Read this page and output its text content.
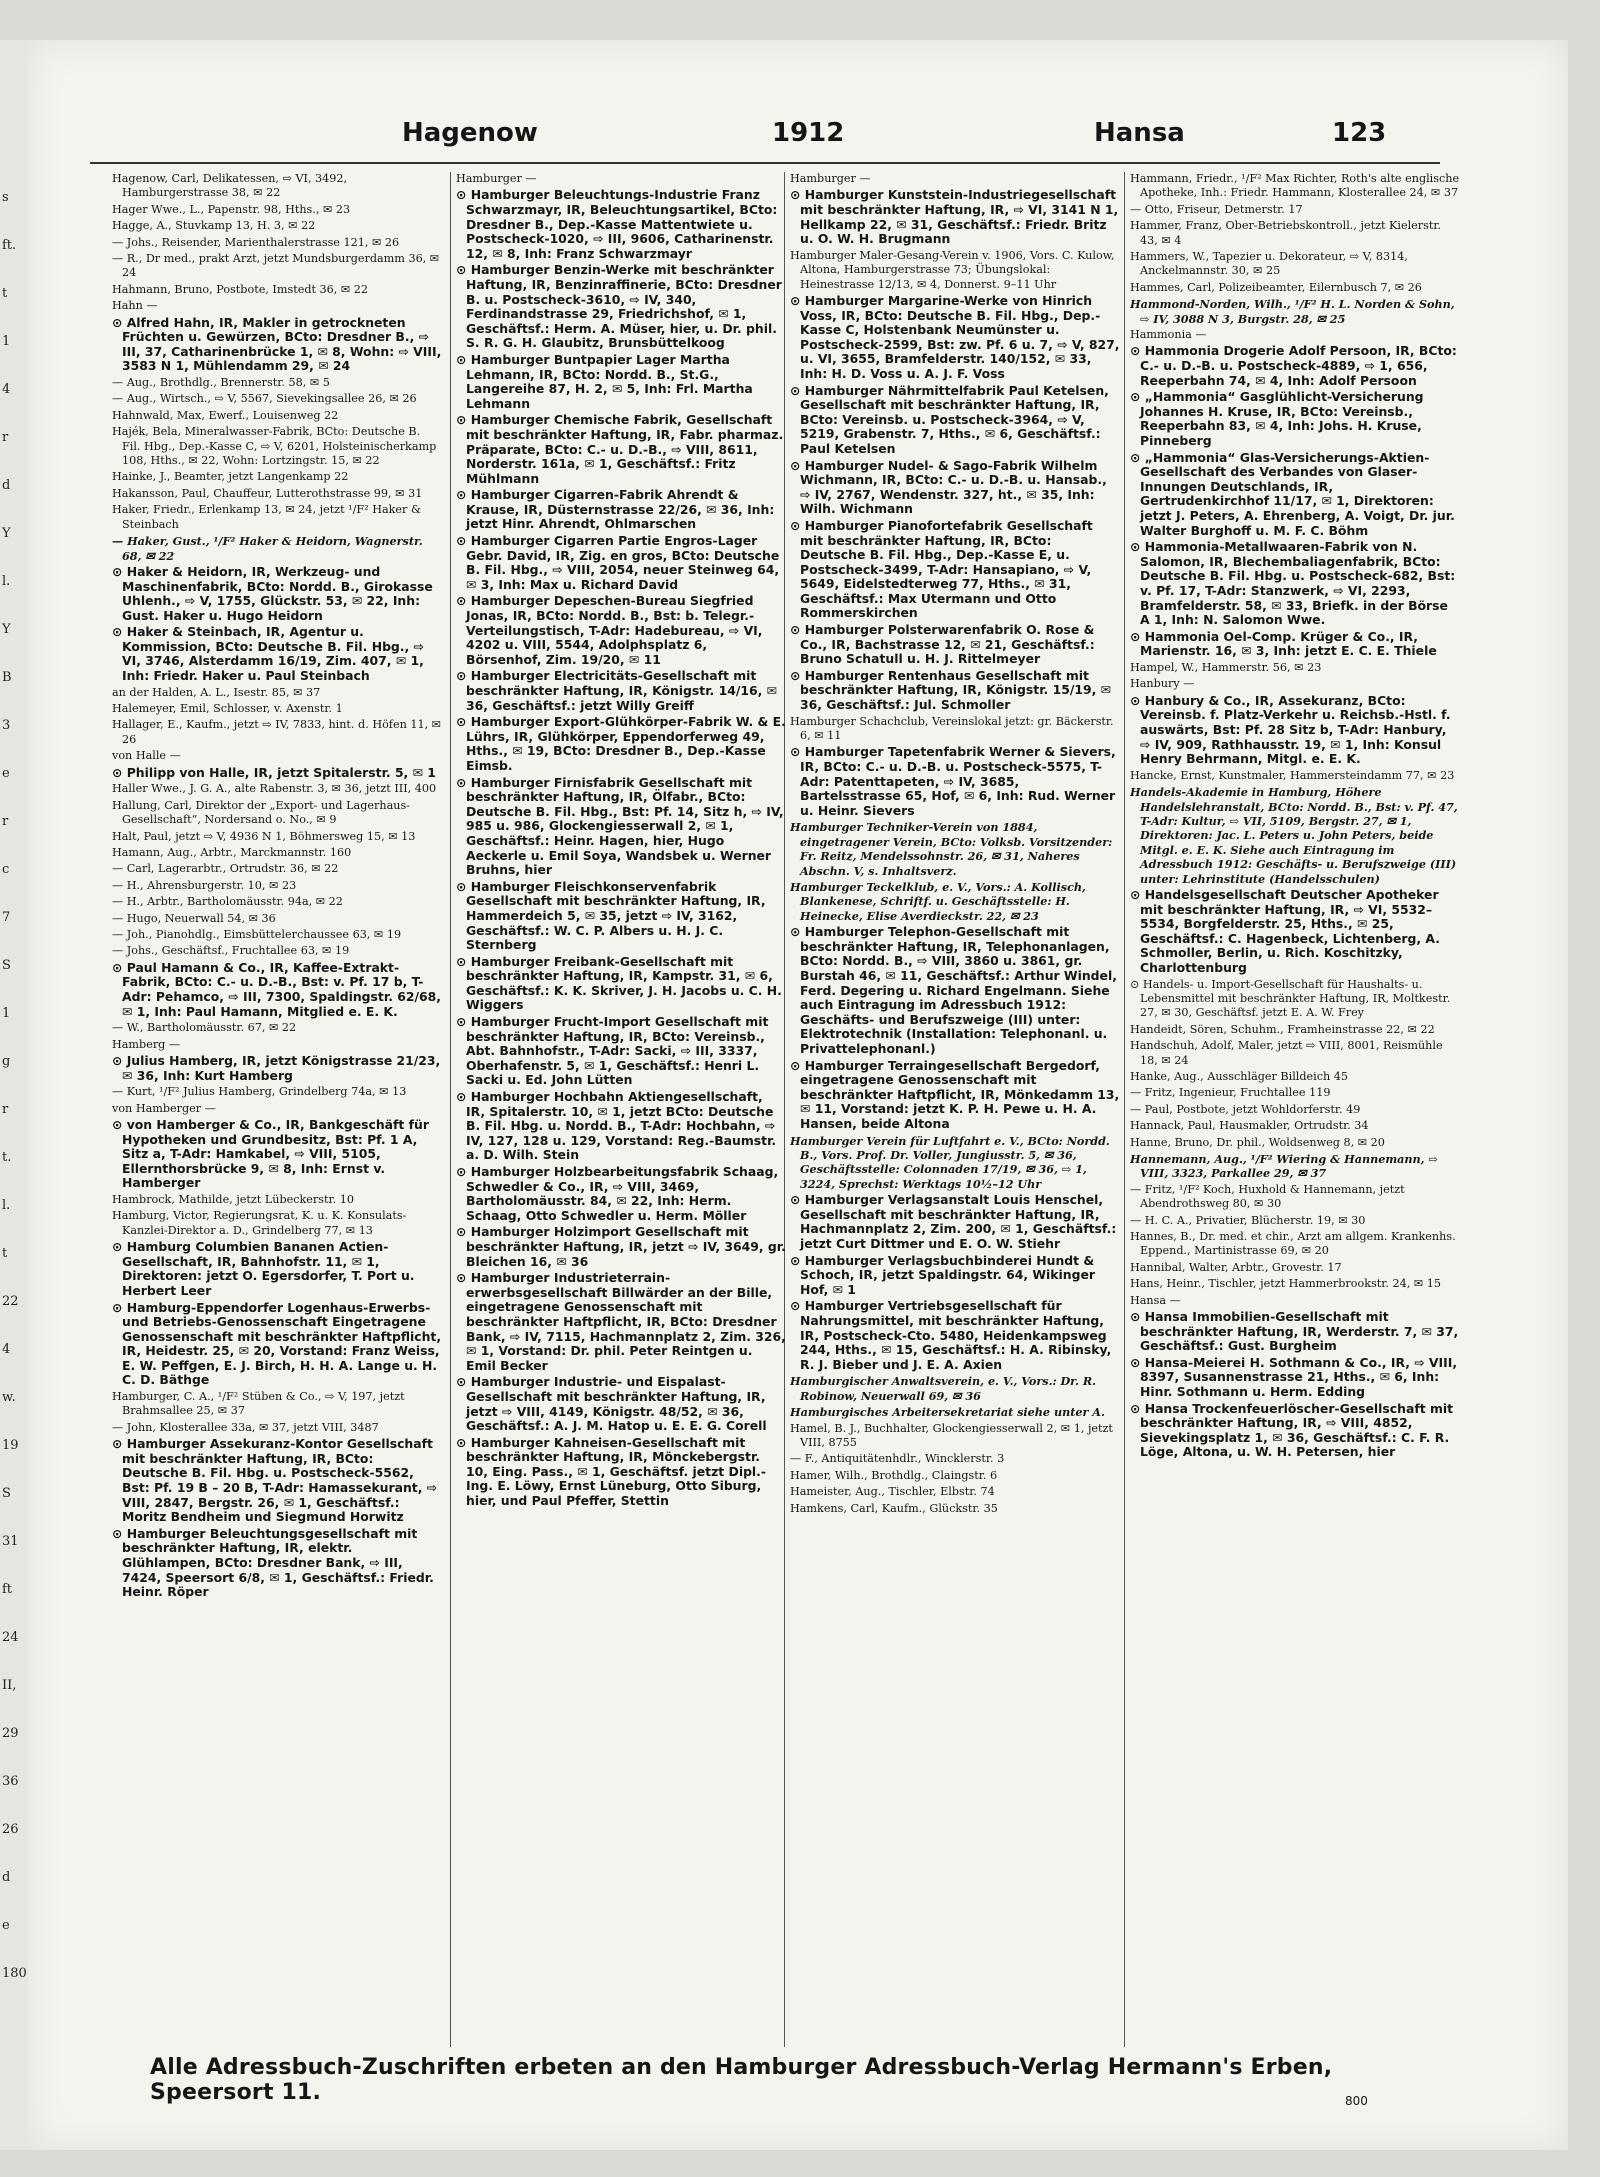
s
ft.
t
1
4
r
d
Y
l.
Y
B
3
e
r
c
7
S
1
g
r
t.
l.
t
22
4
w.
19
S
31
ft
24
II,
29
36
26
d
e
180
Hagenow	1912	Hansa	123
Hagenow, Carl, Delikatessen, ⇨ VI, 3492, Hamburgerstrasse 38, ✉ 22
Hager Wwe., L., Papenstr. 98, Hths., ✉ 23
Hagge, A., Stuvkamp 13, H. 3, ✉ 22
— Johs., Reisender, Marienthalerstrasse 121, ✉ 26
— R., Dr med., prakt Arzt, jetzt Mundsburgerdamm 36, ✉ 24
Hahmann, Bruno, Postbote, Imstedt 36, ✉ 22
Hahn —
⊙ Alfred Hahn, IR, Makler in getrockneten Früchten u. Gewürzen, BCto: Dresdner B., ⇨ III, 37, Catharinenbrücke 1, ✉ 8, Wohn: ⇨ VIII, 3583 N 1, Mühlendamm 29, ✉ 24
— Aug., Brothdlg., Brennerstr. 58, ✉ 5
— Aug., Wirtsch., ⇨ V, 5567, Sievekingsallee 26, ✉ 26
Hahnwald, Max, Ewerf., Louisenweg 22
Hajék, Bela, Mineralwasser-Fabrik, BCto: Deutsche B. Fil. Hbg., Dep.-Kasse C, ⇨ V, 6201, Holsteinischerkamp 108, Hths., ✉ 22, Wohn: Lortzingstr. 15, ✉ 22
Hainke, J., Beamter, jetzt Langenkamp 22
Hakansson, Paul, Chauffeur, Lutterothstrasse 99, ✉ 31
Haker, Friedr., Erlenkamp 13, ✉ 24, jetzt ¹/F² Haker & Steinbach
— Haker, Gust., ¹/F² Haker & Heidorn, Wagnerstr. 68, ✉ 22
⊙ Haker & Heidorn, IR, Werkzeug- und Maschinenfabrik, BCto: Nordd. B., Girokasse Uhlenh., ⇨ V, 1755, Glückstr. 53, ✉ 22, Inh: Gust. Haker u. Hugo Heidorn
⊙ Haker & Steinbach, IR, Agentur u. Kommission, BCto: Deutsche B. Fil. Hbg., ⇨ VI, 3746, Alsterdamm 16/19, Zim. 407, ✉ 1, Inh: Friedr. Haker u. Paul Steinbach
an der Halden, A. L., Isestr. 85, ✉ 37
Halemeyer, Emil, Schlosser, v. Axenstr. 1
Hallager, E., Kaufm., jetzt ⇨ IV, 7833, hint. d. Höfen 11, ✉ 26
von Halle —
⊙ Philipp von Halle, IR, jetzt Spitalerstr. 5, ✉ 1
Haller Wwe., J. G. A., alte Rabenstr. 3, ✉ 36, jetzt III, 400
Hallung, Carl, Direktor der „Export- und Lagerhaus-Gesellschaft“, Nordersand o. No., ✉ 9
Halt, Paul, jetzt ⇨ V, 4936 N 1, Böhmersweg 15, ✉ 13
Hamann, Aug., Arbtr., Marckmannstr. 160
— Carl, Lagerarbtr., Ortrudstr. 36, ✉ 22
— H., Ahrensburgerstr. 10, ✉ 23
— H., Arbtr., Bartholomäusstr. 94a, ✉ 22
— Hugo, Neuerwall 54, ✉ 36
— Joh., Pianohdlg., Eimsbüttelerchaussee 63, ✉ 19
— Johs., Geschäftsf., Fruchtallee 63, ✉ 19
⊙ Paul Hamann & Co., IR, Kaffee-Extrakt-Fabrik, BCto: C.- u. D.-B., Bst: v. Pf. 17 b, T-Adr: Pehamco, ⇨ III, 7300, Spaldingstr. 62/68, ✉ 1, Inh: Paul Hamann, Mitglied e. E. K.
— W., Bartholomäusstr. 67, ✉ 22
Hamberg —
⊙ Julius Hamberg, IR, jetzt Königstrasse 21/23, ✉ 36, Inh: Kurt Hamberg
— Kurt, ¹/F² Julius Hamberg, Grindelberg 74a, ✉ 13
von Hamberger —
⊙ von Hamberger & Co., IR, Bankgeschäft für Hypotheken und Grundbesitz, Bst: Pf. 1 A, Sitz a, T-Adr: Hamkabel, ⇨ VIII, 5105, Ellernthorsbrücke 9, ✉ 8, Inh: Ernst v. Hamberger
Hambrock, Mathilde, jetzt Lübeckerstr. 10
Hamburg, Victor, Regierungsrat, K. u. K. Konsulats-Kanzlei-Direktor a. D., Grindelberg 77, ✉ 13
⊙ Hamburg Columbien Bananen Actien-Gesellschaft, IR, Bahnhofstr. 11, ✉ 1, Direktoren: jetzt O. Egersdorfer, T. Port u. Herbert Leer
⊙ Hamburg-Eppendorfer Logenhaus-Erwerbs- und Betriebs-Genossenschaft Eingetragene Genossenschaft mit beschränkter Haftpflicht, IR, Heidestr. 25, ✉ 20, Vorstand: Franz Weiss, E. W. Peffgen, E. J. Birch, H. H. A. Lange u. H. C. D. Bäthge
Hamburger, C. A., ¹/F² Stüben & Co., ⇨ V, 197, jetzt Brahmsallee 25, ✉ 37
— John, Klosterallee 33a, ✉ 37, jetzt VIII, 3487
⊙ Hamburger Assekuranz-Kontor Gesellschaft mit beschränkter Haftung, IR, BCto: Deutsche B. Fil. Hbg. u. Postscheck-5562, Bst: Pf. 19 B – 20 B, T-Adr: Hamassekurant, ⇨ VIII, 2847, Bergstr. 26, ✉ 1, Geschäftsf.: Moritz Bendheim und Siegmund Horwitz
⊙ Hamburger Beleuchtungsgesellschaft mit beschränkter Haftung, IR, elektr. Glühlampen, BCto: Dresdner Bank, ⇨ III, 7424, Speersort 6/8, ✉ 1, Geschäftsf.: Friedr. Heinr. Röper
Hamburger —
⊙ Hamburger Beleuchtungs-Industrie Franz Schwarzmayr, IR, Beleuchtungsartikel, BCto: Dresdner B., Dep.-Kasse Mattentwiete u. Postscheck-1020, ⇨ III, 9606, Catharinenstr. 12, ✉ 8, Inh: Franz Schwarzmayr
⊙ Hamburger Benzin-Werke mit beschränkter Haftung, IR, Benzinraffinerie, BCto: Dresdner B. u. Postscheck-3610, ⇨ IV, 340, Ferdinandstrasse 29, Friedrichshof, ✉ 1, Geschäftsf.: Herm. A. Müser, hier, u. Dr. phil. S. R. G. H. Glaubitz, Brunsbüttelkoog
⊙ Hamburger Buntpapier Lager Martha Lehmann, IR, BCto: Nordd. B., St.G., Langereihe 87, H. 2, ✉ 5, Inh: Frl. Martha Lehmann
⊙ Hamburger Chemische Fabrik, Gesellschaft mit beschränkter Haftung, IR, Fabr. pharmaz. Präparate, BCto: C.- u. D.-B., ⇨ VIII, 8611, Norderstr. 161a, ✉ 1, Geschäftsf.: Fritz Mühlmann
⊙ Hamburger Cigarren-Fabrik Ahrendt & Krause, IR, Düsternstrasse 22/26, ✉ 36, Inh: jetzt Hinr. Ahrendt, Ohlmarschen
⊙ Hamburger Cigarren Partie Engros-Lager Gebr. David, IR, Zig. en gros, BCto: Deutsche B. Fil. Hbg., ⇨ VIII, 2054, neuer Steinweg 64, ✉ 3, Inh: Max u. Richard David
⊙ Hamburger Depeschen-Bureau Siegfried Jonas, IR, BCto: Nordd. B., Bst: b. Telegr.-Verteilungstisch, T-Adr: Hadebureau, ⇨ VI, 4202 u. VIII, 5544, Adolphsplatz 6, Börsenhof, Zim. 19/20, ✉ 11
⊙ Hamburger Electricitäts-Gesellschaft mit beschränkter Haftung, IR, Königstr. 14/16, ✉ 36, Geschäftsf.: jetzt Willy Greiff
⊙ Hamburger Export-Glühkörper-Fabrik W. & E. Lührs, IR, Glühkörper, Eppendorferweg 49, Hths., ✉ 19, BCto: Dresdner B., Dep.-Kasse Eimsb.
⊙ Hamburger Firnisfabrik Gesellschaft mit beschränkter Haftung, IR, Ölfabr., BCto: Deutsche B. Fil. Hbg., Bst: Pf. 14, Sitz h, ⇨ IV, 985 u. 986, Glockengiesserwall 2, ✉ 1, Geschäftsf.: Heinr. Hagen, hier, Hugo Aeckerle u. Emil Soya, Wandsbek u. Werner Bruhns, hier
⊙ Hamburger Fleischkonservenfabrik Gesellschaft mit beschränkter Haftung, IR, Hammerdeich 5, ✉ 35, jetzt ⇨ IV, 3162, Geschäftsf.: W. C. P. Albers u. H. J. C. Sternberg
⊙ Hamburger Freibank-Gesellschaft mit beschränkter Haftung, IR, Kampstr. 31, ✉ 6, Geschäftsf.: K. K. Skriver, J. H. Jacobs u. C. H. Wiggers
⊙ Hamburger Frucht-Import Gesellschaft mit beschränkter Haftung, IR, BCto: Vereinsb., Abt. Bahnhofstr., T-Adr: Sacki, ⇨ III, 3337, Oberhafenstr. 5, ✉ 1, Geschäftsf.: Henri L. Sacki u. Ed. John Lütten
⊙ Hamburger Hochbahn Aktiengesellschaft, IR, Spitalerstr. 10, ✉ 1, jetzt BCto: Deutsche B. Fil. Hbg. u. Nordd. B., T-Adr: Hochbahn, ⇨ IV, 127, 128 u. 129, Vorstand: Reg.-Baumstr. a. D. Wilh. Stein
⊙ Hamburger Holzbearbeitungsfabrik Schaag, Schwedler & Co., IR, ⇨ VIII, 3469, Bartholomäusstr. 84, ✉ 22, Inh: Herm. Schaag, Otto Schwedler u. Herm. Möller
⊙ Hamburger Holzimport Gesellschaft mit beschränkter Haftung, IR, jetzt ⇨ IV, 3649, gr. Bleichen 16, ✉ 36
⊙ Hamburger Industrieterrain-erwerbsgesellschaft Billwärder an der Bille, eingetragene Genossenschaft mit beschränkter Haftpflicht, IR, BCto: Dresdner Bank, ⇨ IV, 7115, Hachmannplatz 2, Zim. 326, ✉ 1, Vorstand: Dr. phil. Peter Reintgen u. Emil Becker
⊙ Hamburger Industrie- und Eispalast-Gesellschaft mit beschränkter Haftung, IR, jetzt ⇨ VIII, 4149, Königstr. 48/52, ✉ 36, Geschäftsf.: A. J. M. Hatop u. E. E. G. Corell
⊙ Hamburger Kahneisen-Gesellschaft mit beschränkter Haftung, IR, Mönckebergstr. 10, Eing. Pass., ✉ 1, Geschäftsf. jetzt Dipl.-Ing. E. Löwy, Ernst Lüneburg, Otto Siburg, hier, und Paul Pfeffer, Stettin
Hamburger —
⊙ Hamburger Kunststein-Industriegesellschaft mit beschränkter Haftung, IR, ⇨ VI, 3141 N 1, Hellkamp 22, ✉ 31, Geschäftsf.: Friedr. Britz u. O. W. H. Brugmann
Hamburger Maler-Gesang-Verein v. 1906, Vors. C. Kulow, Altona, Hamburgerstrasse 73; Übungslokal: Heinestrasse 12/13, ✉ 4, Donnerst. 9–11 Uhr
⊙ Hamburger Margarine-Werke von Hinrich Voss, IR, BCto: Deutsche B. Fil. Hbg., Dep.-Kasse C, Holstenbank Neumünster u. Postscheck-2599, Bst: zw. Pf. 6 u. 7, ⇨ V, 827, u. VI, 3655, Bramfelderstr. 140/152, ✉ 33, Inh: H. D. Voss u. A. J. F. Voss
⊙ Hamburger Nährmittelfabrik Paul Ketelsen, Gesellschaft mit beschränkter Haftung, IR, BCto: Vereinsb. u. Postscheck-3964, ⇨ V, 5219, Grabenstr. 7, Hths., ✉ 6, Geschäftsf.: Paul Ketelsen
⊙ Hamburger Nudel- & Sago-Fabrik Wilhelm Wichmann, IR, BCto: C.- u. D.-B. u. Hansab., ⇨ IV, 2767, Wendenstr. 327, ht., ✉ 35, Inh: Wilh. Wichmann
⊙ Hamburger Pianofortefabrik Gesellschaft mit beschränkter Haftung, IR, BCto: Deutsche B. Fil. Hbg., Dep.-Kasse E, u. Postscheck-3499, T-Adr: Hansapiano, ⇨ V, 5649, Eidelstedterweg 77, Hths., ✉ 31, Geschäftsf.: Max Utermann und Otto Rommerskirchen
⊙ Hamburger Polsterwarenfabrik O. Rose & Co., IR, Bachstrasse 12, ✉ 21, Geschäftsf.: Bruno Schatull u. H. J. Rittelmeyer
⊙ Hamburger Rentenhaus Gesellschaft mit beschränkter Haftung, IR, Königstr. 15/19, ✉ 36, Geschäftsf.: Jul. Schmoller
Hamburger Schachclub, Vereinslokal jetzt: gr. Bäckerstr. 6, ✉ 11
⊙ Hamburger Tapetenfabrik Werner & Sievers, IR, BCto: C.- u. D.-B. u. Postscheck-5575, T-Adr: Patenttapeten, ⇨ IV, 3685, Bartelsstrasse 65, Hof, ✉ 6, Inh: Rud. Werner u. Heinr. Sievers
Hamburger Techniker-Verein von 1884, eingetragener Verein, BCto: Volksb. Vorsitzender: Fr. Reitz, Mendelssohnstr. 26, ✉ 31, Naheres Abschn. V, s. Inhaltsverz.
Hamburger Teckelklub, e. V., Vors.: A. Kollisch, Blankenese, Schriftf. u. Geschäftsstelle: H. Heinecke, Elise Averdieckstr. 22, ✉ 23
⊙ Hamburger Telephon-Gesellschaft mit beschränkter Haftung, IR, Telephonanlagen, BCto: Nordd. B., ⇨ VIII, 3860 u. 3861, gr. Burstah 46, ✉ 11, Geschäftsf.: Arthur Windel, Ferd. Degering u. Richard Engelmann. Siehe auch Eintragung im Adressbuch 1912: Geschäfts- und Berufszweige (III) unter: Elektrotechnik (Installation: Telephonanl. u. Privattelephonanl.)
⊙ Hamburger Terraingesellschaft Bergedorf, eingetragene Genossenschaft mit beschränkter Haftpflicht, IR, Mönkedamm 13, ✉ 11, Vorstand: jetzt K. P. H. Pewe u. H. A. Hansen, beide Altona
Hamburger Verein für Luftfahrt e. V., BCto: Nordd. B., Vors. Prof. Dr. Voller, Jungiusstr. 5, ✉ 36, Geschäftsstelle: Colonnaden 17/19, ✉ 36, ⇨ 1, 3224, Sprechst: Werktags 10½–12 Uhr
⊙ Hamburger Verlagsanstalt Louis Henschel, Gesellschaft mit beschränkter Haftung, IR, Hachmannplatz 2, Zim. 200, ✉ 1, Geschäftsf.: jetzt Curt Dittmer und E. O. W. Stiehr
⊙ Hamburger Verlagsbuchbinderei Hundt & Schoch, IR, jetzt Spaldingstr. 64, Wikinger Hof, ✉ 1
⊙ Hamburger Vertriebsgesellschaft für Nahrungsmittel, mit beschränkter Haftung, IR, Postscheck-Cto. 5480, Heidenkampsweg 244, Hths., ✉ 15, Geschäftsf.: H. A. Ribinsky, R. J. Bieber und J. E. A. Axien
Hamburgischer Anwaltsverein, e. V., Vors.: Dr. R. Robinow, Neuerwall 69, ✉ 36
Hamburgisches Arbeitersekretariat siehe unter A.
Hamel, B. J., Buchhalter, Glockengiesserwall 2, ✉ 1, jetzt VIII, 8755
— F., Antiquitätenhdlr., Wincklerstr. 3
Hamer, Wilh., Brothdlg., Claingstr. 6
Hameister, Aug., Tischler, Elbstr. 74
Hamkens, Carl, Kaufm., Glückstr. 35
Hammann, Friedr., ¹/F² Max Richter, Roth's alte englische Apotheke, Inh.: Friedr. Hammann, Klosterallee 24, ✉ 37
— Otto, Friseur, Detmerstr. 17
Hammer, Franz, Ober-Betriebskontroll., jetzt Kielerstr. 43, ✉ 4
Hammers, W., Tapezier u. Dekorateur, ⇨ V, 8314, Anckelmannstr. 30, ✉ 25
Hammes, Carl, Polizeibeamter, Eilernbusch 7, ✉ 26
Hammond-Norden, Wilh., ¹/F² H. L. Norden & Sohn, ⇨ IV, 3088 N 3, Burgstr. 28, ✉ 25
Hammonia —
⊙ Hammonia Drogerie Adolf Persoon, IR, BCto: C.- u. D.-B. u. Postscheck-4889, ⇨ 1, 656, Reeperbahn 74, ✉ 4, Inh: Adolf Persoon
⊙ „Hammonia“ Gasglühlicht-Versicherung Johannes H. Kruse, IR, BCto: Vereinsb., Reeperbahn 83, ✉ 4, Inh: Johs. H. Kruse, Pinneberg
⊙ „Hammonia“ Glas-Versicherungs-Aktien-Gesellschaft des Verbandes von Glaser-Innungen Deutschlands, IR, Gertrudenkirchhof 11/17, ✉ 1, Direktoren: jetzt J. Peters, A. Ehrenberg, A. Voigt, Dr. jur. Walter Burghoff u. M. F. C. Böhm
⊙ Hammonia-Metallwaaren-Fabrik von N. Salomon, IR, Blechembaliagenfabrik, BCto: Deutsche B. Fil. Hbg. u. Postscheck-682, Bst: v. Pf. 17, T-Adr: Stanzwerk, ⇨ VI, 2293, Bramfelderstr. 58, ✉ 33, Briefk. in der Börse A 1, Inh: N. Salomon Wwe.
⊙ Hammonia Oel-Comp. Krüger & Co., IR, Marienstr. 16, ✉ 3, Inh: jetzt E. C. E. Thiele
Hampel, W., Hammerstr. 56, ✉ 23
Hanbury —
⊙ Hanbury & Co., IR, Assekuranz, BCto: Vereinsb. f. Platz-Verkehr u. Reichsb.-Hstl. f. auswärts, Bst: Pf. 28 Sitz b, T-Adr: Hanbury, ⇨ IV, 909, Rathhausstr. 19, ✉ 1, Inh: Konsul Henry Behrmann, Mitgl. e. E. K.
Hancke, Ernst, Kunstmaler, Hammersteindamm 77, ✉ 23
Handels-Akademie in Hamburg, Höhere Handelslehranstalt, BCto: Nordd. B., Bst: v. Pf. 47, T-Adr: Kultur, ⇨ VII, 5109, Bergstr. 27, ✉ 1, Direktoren: Jac. L. Peters u. John Peters, beide Mitgl. e. E. K. Siehe auch Eintragung im Adressbuch 1912: Geschäfts- u. Berufszweige (III) unter: Lehrinstitute (Handelsschulen)
⊙ Handelsgesellschaft Deutscher Apotheker mit beschränkter Haftung, IR, ⇨ VI, 5532–5534, Borgfelderstr. 25, Hths., ✉ 25, Geschäftsf.: C. Hagenbeck, Lichtenberg, A. Schmoller, Berlin, u. Rich. Koschitzky, Charlottenburg
⊙ Handels- u. Import-Gesellschaft für Haushalts- u. Lebensmittel mit beschränkter Haftung, IR, Moltkestr. 27, ✉ 30, Geschäftsf. jetzt E. A. W. Frey
Handeidt, Sören, Schuhm., Framheinstrasse 22, ✉ 22
Handschuh, Adolf, Maler, jetzt ⇨ VIII, 8001, Reismühle 18, ✉ 24
Hanke, Aug., Ausschläger Billdeich 45
— Fritz, Ingenieur, Fruchtallee 119
— Paul, Postbote, jetzt Wohldorferstr. 49
Hannack, Paul, Hausmakler, Ortrudstr. 34
Hanne, Bruno, Dr. phil., Woldsenweg 8, ✉ 20
Hannemann, Aug., ¹/F² Wiering & Hannemann, ⇨ VIII, 3323, Parkallee 29, ✉ 37
— Fritz, ¹/F² Koch, Huxhold & Hannemann, jetzt Abendrothsweg 80, ✉ 30
— H. C. A., Privatier, Blücherstr. 19, ✉ 30
Hannes, B., Dr. med. et chir., Arzt am allgem. Krankenhs. Eppend., Martinistrasse 69, ✉ 20
Hannibal, Walter, Arbtr., Grovestr. 17
Hans, Heinr., Tischler, jetzt Hammerbrookstr. 24, ✉ 15
Hansa —
⊙ Hansa Immobilien-Gesellschaft mit beschränkter Haftung, IR, Werderstr. 7, ✉ 37, Geschäftsf.: Gust. Burgheim
⊙ Hansa-Meierei H. Sothmann & Co., IR, ⇨ VIII, 8397, Susannenstrasse 21, Hths., ✉ 6, Inh: Hinr. Sothmann u. Herm. Edding
⊙ Hansa Trockenfeuerlöscher-Gesellschaft mit beschränkter Haftung, IR, ⇨ VIII, 4852, Sievekingsplatz 1, ✉ 36, Geschäftsf.: C. F. R. Löge, Altona, u. W. H. Petersen, hier
Alle Adressbuch-Zuschriften erbeten an den Hamburger Adressbuch-Verlag Hermann's Erben, Speersort 11.	800
